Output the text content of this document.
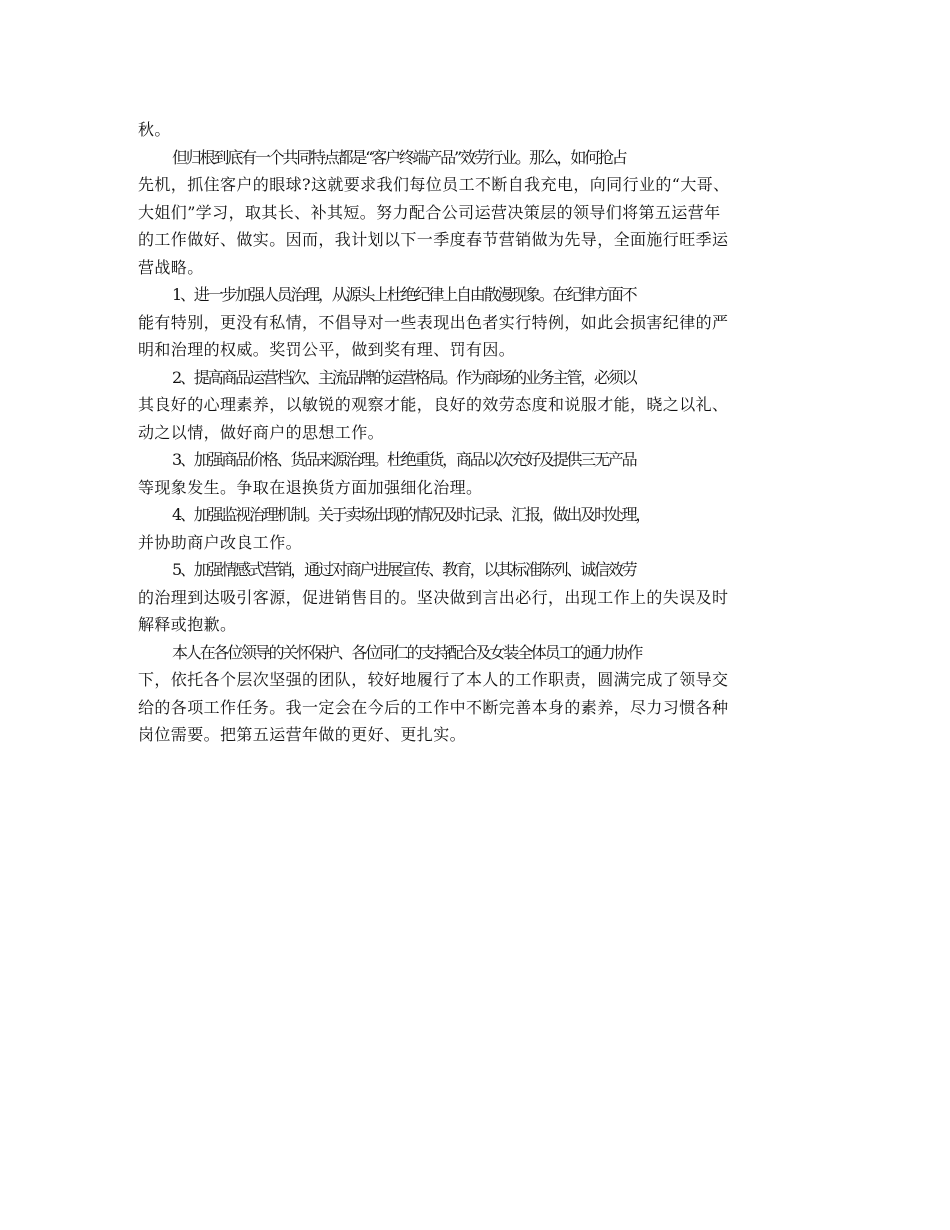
秋。
但归根到底有一个共同特点都是“客户终端产品”效劳行业。那么，如何抢占
先机，抓住客户的眼球?这就要求我们每位员工不断自我充电，向同行业的“大哥、
大姐们”学习，取其长、补其短。努力配合公司运营决策层的领导们将第五运营年
的工作做好、做实。因而，我计划以下一季度春节营销做为先导，全面施行旺季运
营战略。
1、进一步加强人员治理，从源头上杜绝纪律上自由散漫现象。在纪律方面不
能有特别，更没有私情，不倡导对一些表现出色者实行特例，如此会损害纪律的严
明和治理的权威。奖罚公平，做到奖有理、罚有因。
2、提高商品运营档次、主流品牌的运营格局。作为商场的业务主管，必须以
其良好的心理素养，以敏锐的观察才能，良好的效劳态度和说服才能，晓之以礼、
动之以情，做好商户的思想工作。
3、加强商品价格、货品来源治理。杜绝重货，商品以次充好及提供三无产品
等现象发生。争取在退换货方面加强细化治理。
4、加强监视治理机制。关于卖场出现的情况及时记录、汇报，做出及时处理，
并协助商户改良工作。
5、加强情感式营销，通过对商户进展宣传、教育，以其标准陈列、诚信效劳
的治理到达吸引客源，促进销售目的。坚决做到言出必行，出现工作上的失误及时
解释或抱歉。
本人在各位领导的关怀保护、各位同仁的支持配合及女装全体员工的通力协作
下，依托各个层次坚强的团队，较好地履行了本人的工作职责，圆满完成了领导交
给的各项工作任务。我一定会在今后的工作中不断完善本身的素养，尽力习惯各种
岗位需要。把第五运营年做的更好、更扎实。
